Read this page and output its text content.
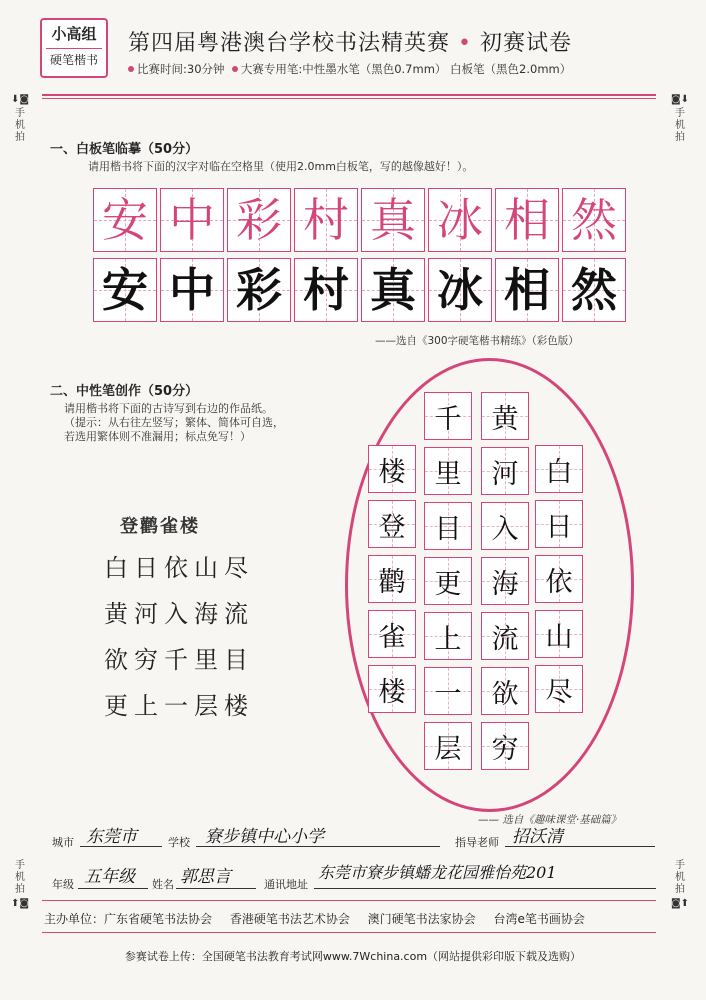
小高组
硬笔楷书
第四届粤港澳台学校书法精英赛 • 初赛试卷
比赛时间:30分钟 大赛专用笔:中性墨水笔（黑色0.7mm） 白板笔（黑色2.0mm）
⬇◙
手机拍
◙⬇
手机拍
手机拍
⬆◙
手机拍
◙⬆
一、白板笔临摹（50分）
请用楷书将下面的汉字对临在空格里（使用2.0mm白板笔，写的越像越好！）。
安 中 彩 村 真 冰 相 然
安 中 彩 村 真 冰 相 然
——选自《300字硬笔楷书精练》（彩色版）
二、中性笔创作（50分）
请用楷书将下面的古诗写到右边的作品纸。
（提示：从右往左竖写；繁体、简体可自选，
若选用繁体则不准漏用；标点免写！）
登鹳雀楼
白日依山尽
黄河入海流
欲穷千里目
更上一层楼
白
日
依
山
尽
黄
河
入
海
流
欲
穷
千
里
目
更
上
一
层
楼
登
鹳
雀
楼
—— 选自《趣味课堂·基础篇》
城市 东莞市	学校 寮步镇中心小学	指导老师 招沃清
年级 五年级 姓名 郭思言	通讯地址
东莞市寮步镇蟠龙花园雅怡苑201
主办单位：广东省硬笔书法协会 香港硬笔书法艺术协会 澳门硬笔书法家协会 台湾e笔书画协会
参赛试卷上传：全国硬笔书法教育考试网www.7Wchina.com（网站提供彩印版下载及选购）
